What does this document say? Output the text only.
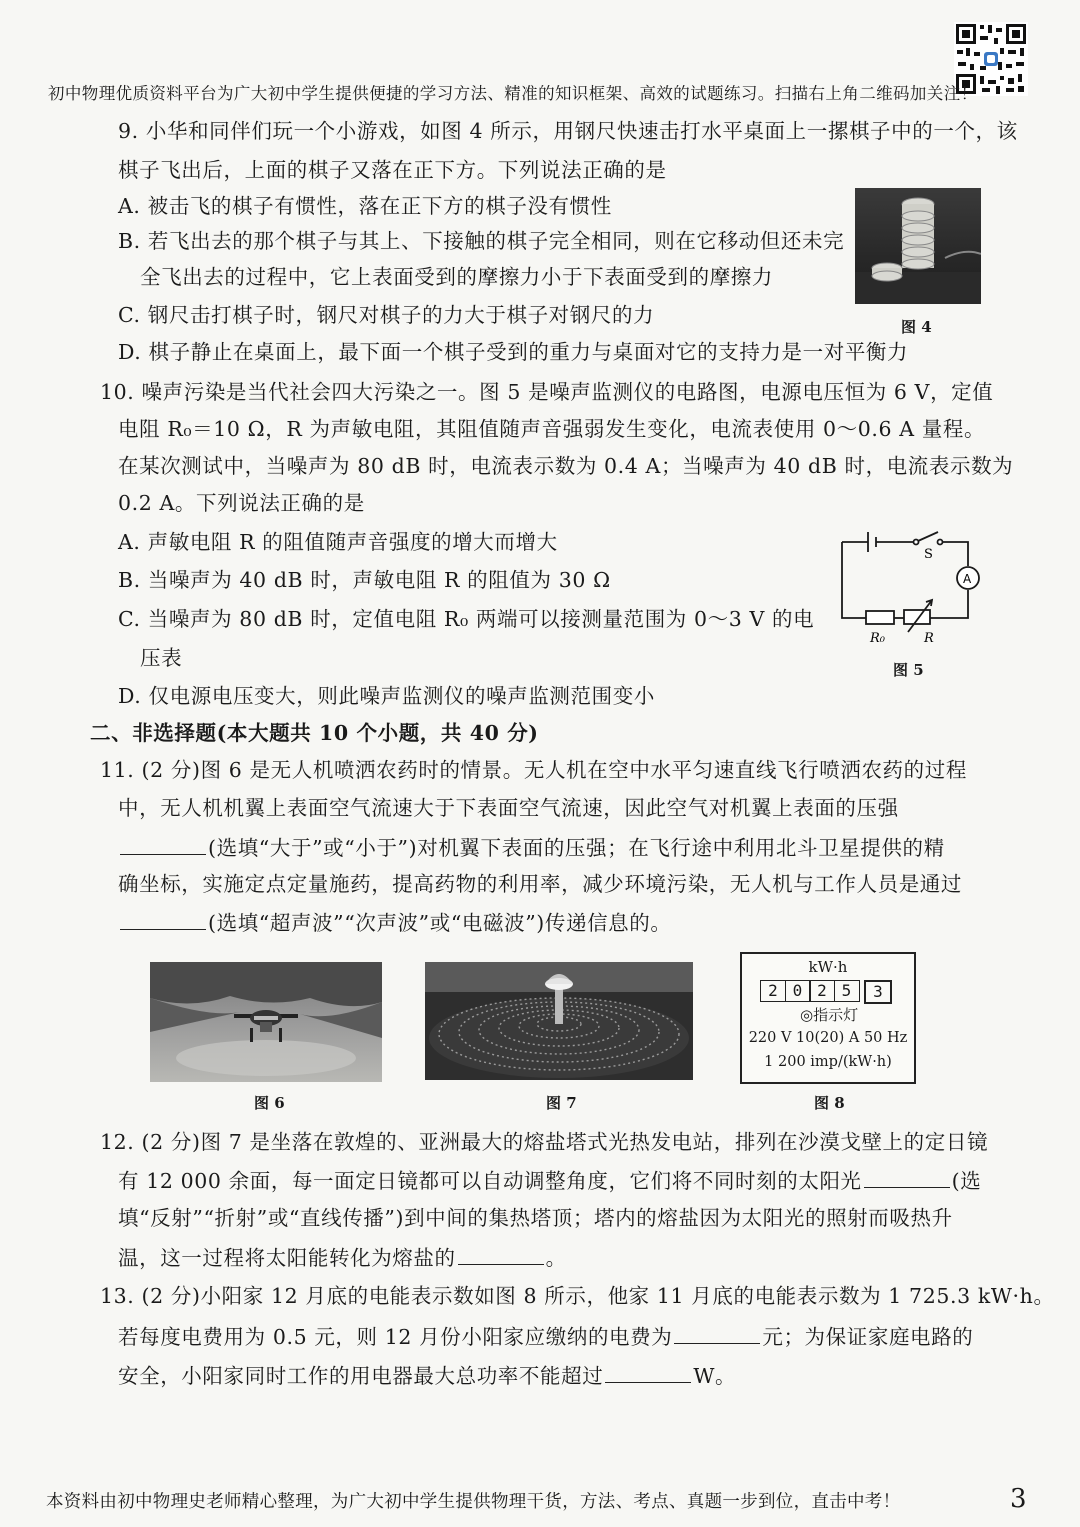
初中物理优质资料平台为广大初中学生提供便捷的学习方法、精准的知识框架、高效的试题练习。扫描右上角二维码加关注！
9. 小华和同伴们玩一个小游戏，如图 4 所示，用钢尺快速击打水平桌面上一摞棋子中的一个，该
棋子飞出后，上面的棋子又落在正下方。下列说法正确的是
A. 被击飞的棋子有惯性，落在正下方的棋子没有惯性
B. 若飞出去的那个棋子与其上、下接触的棋子完全相同，则在它移动但还未完
全飞出去的过程中，它上表面受到的摩擦力小于下表面受到的摩擦力
C. 钢尺击打棋子时，钢尺对棋子的力大于棋子对钢尺的力
D. 棋子静止在桌面上，最下面一个棋子受到的重力与桌面对它的支持力是一对平衡力
图 4
10. 噪声污染是当代社会四大污染之一。图 5 是噪声监测仪的电路图，电源电压恒为 6 V，定值
电阻 R₀＝10 Ω，R 为声敏电阻，其阻值随声音强弱发生变化，电流表使用 0～0.6 A 量程。
在某次测试中，当噪声为 80 dB 时，电流表示数为 0.4 A；当噪声为 40 dB 时，电流表示数为
0.2 A。下列说法正确的是
A. 声敏电阻 R 的阻值随声音强度的增大而增大
B. 当噪声为 40 dB 时，声敏电阻 R 的阻值为 30 Ω
C. 当噪声为 80 dB 时，定值电阻 R₀ 两端可以接测量范围为 0～3 V 的电
压表
D. 仅电源电压变大，则此噪声监测仪的噪声监测范围变小
S
A
R₀	R
图 5
二、非选择题(本大题共 10 个小题，共 40 分)
11. (2 分)图 6 是无人机喷洒农药时的情景。无人机在空中水平匀速直线飞行喷洒农药的过程
中，无人机机翼上表面空气流速大于下表面空气流速，因此空气对机翼上表面的压强
(选填“大于”或“小于”)对机翼下表面的压强；在飞行途中利用北斗卫星提供的精
确坐标，实施定点定量施药，提高药物的利用率，减少环境污染，无人机与工作人员是通过
(选填“超声波”“次声波”或“电磁波”)传递信息的。
图 6	图 7
kW·h
2 0 2 5	3
◎指示灯
220 V 10(20) A 50 Hz
1 200 imp/(kW·h)
图 8
12. (2 分)图 7 是坐落在敦煌的、亚洲最大的熔盐塔式光热发电站，排列在沙漠戈壁上的定日镜
有 12 000 余面，每一面定日镜都可以自动调整角度，它们将不同时刻的太阳光	(选
填“反射”“折射”或“直线传播”)到中间的集热塔顶；塔内的熔盐因为太阳光的照射而吸热升
温，这一过程将太阳能转化为熔盐的	。
13. (2 分)小阳家 12 月底的电能表示数如图 8 所示，他家 11 月底的电能表示数为 1 725.3 kW·h。
若每度电费用为 0.5 元，则 12 月份小阳家应缴纳的电费为	元；为保证家庭电路的
安全，小阳家同时工作的用电器最大总功率不能超过	W。
本资料由初中物理史老师精心整理，为广大初中学生提供物理干货，方法、考点、真题一步到位，直击中考！	3
